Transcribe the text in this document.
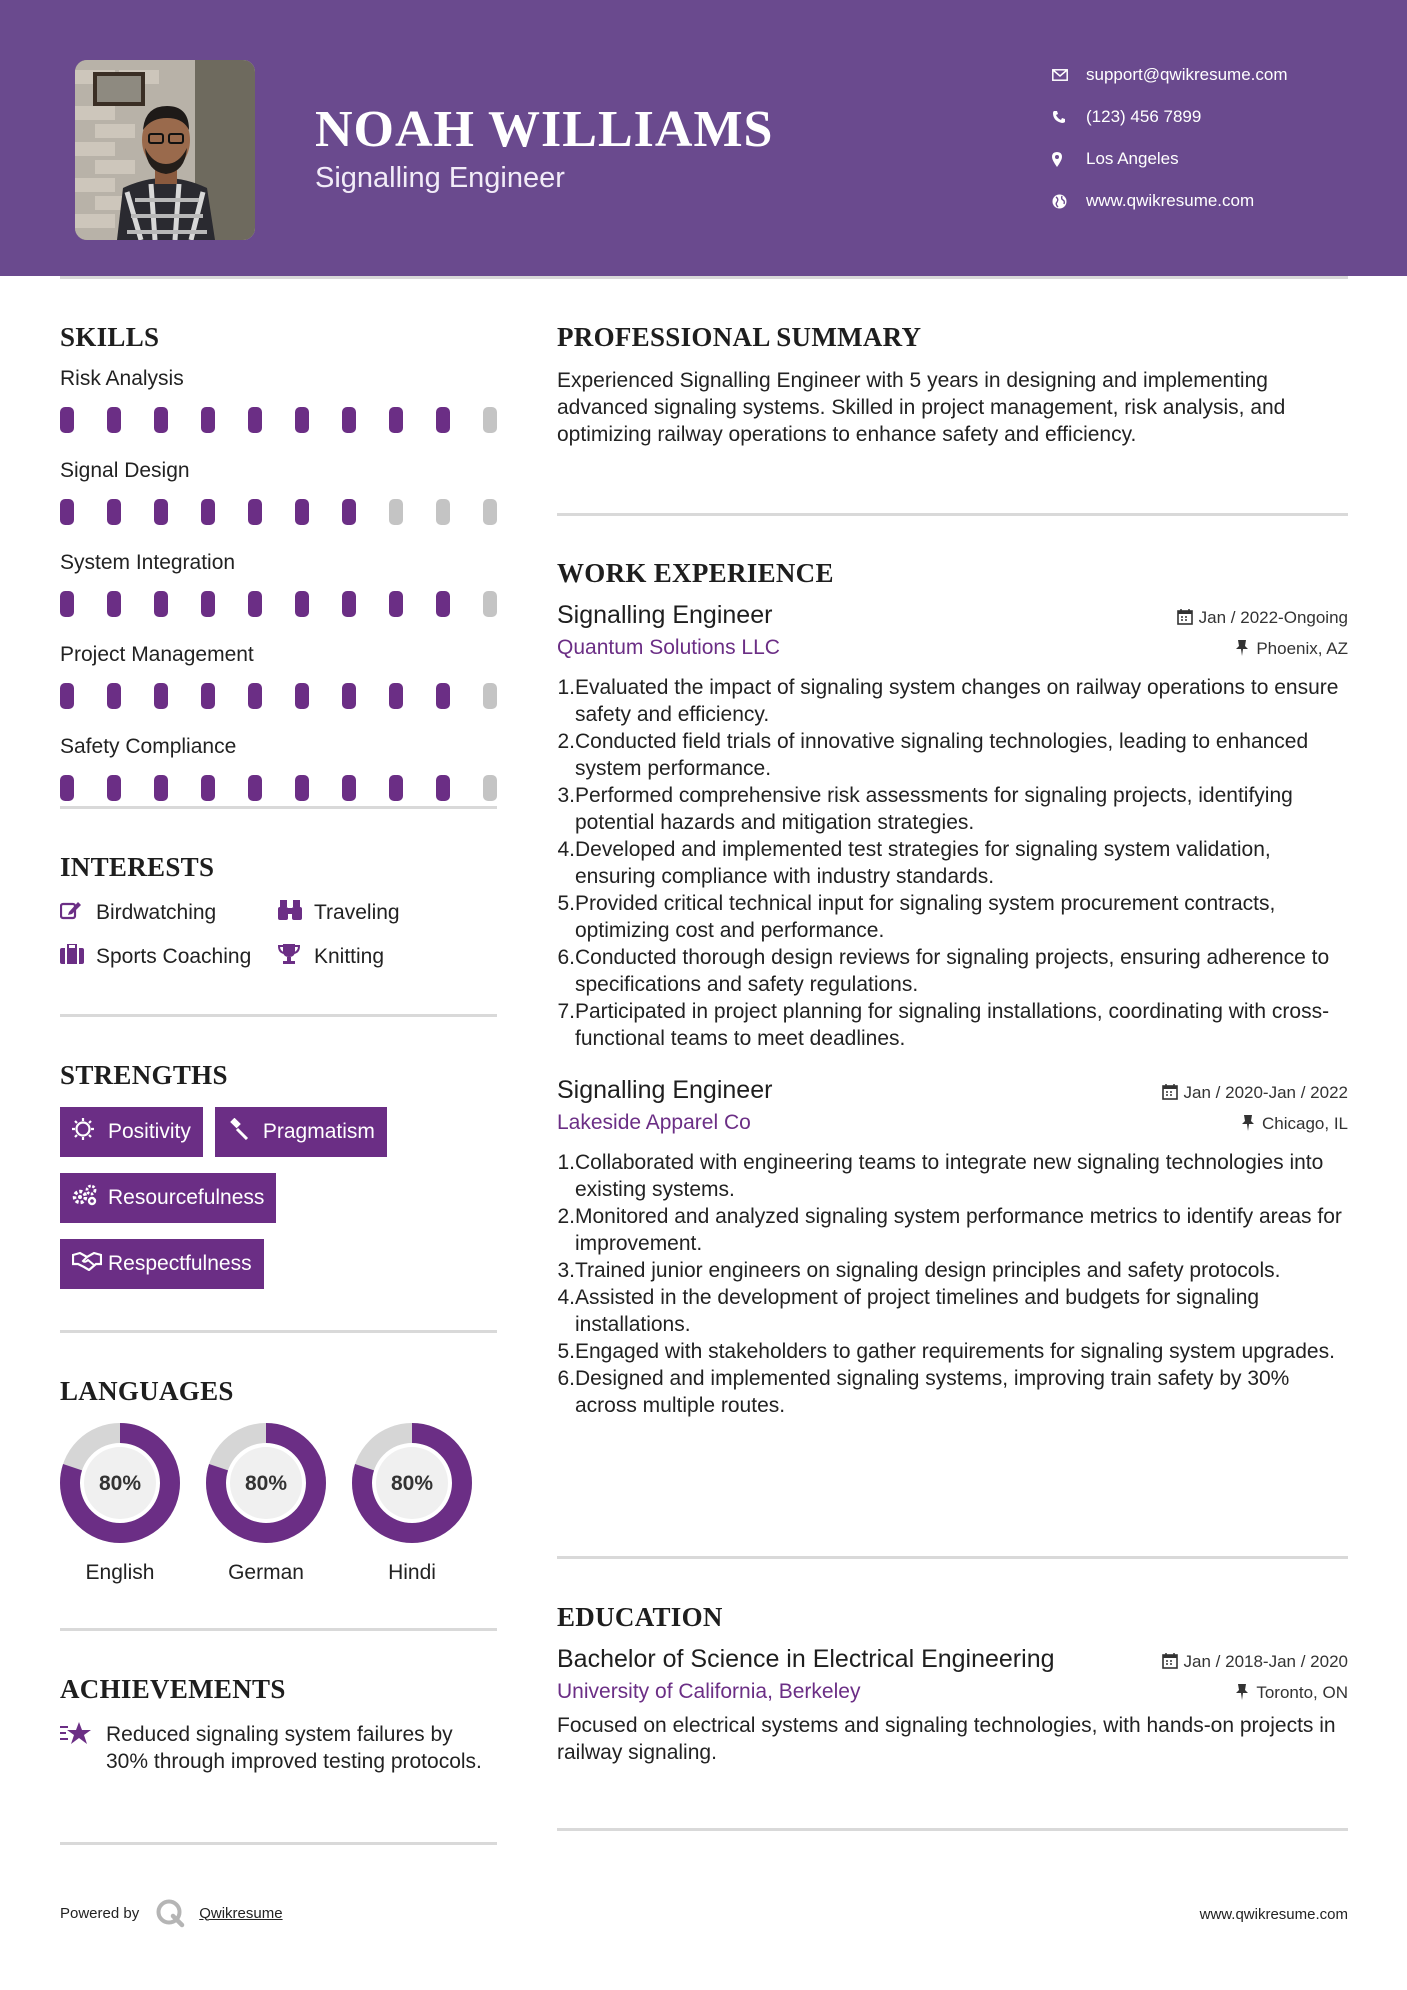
NOAH WILLIAMS
Signalling Engineer
support@qwikresume.com
(123) 456 7899
Los Angeles
www.qwikresume.com
SKILLS
Risk Analysis
Signal Design
System Integration
Project Management
Safety Compliance
INTERESTS
Birdwatching	Traveling
Sports Coaching	Knitting
STRENGTHS
Positivity	Pragmatism

Resourcefulness

Respectfulness
LANGUAGES
80%
English
80%
German
80%
Hindi
ACHIEVEMENTS
Reduced signaling system failures by 30% through improved testing protocols.
PROFESSIONAL SUMMARY
Experienced Signalling Engineer with 5 years in designing and implementing advanced signaling systems. Skilled in project management, risk analysis, and optimizing railway operations to enhance safety and efficiency.
WORK EXPERIENCE
Signalling Engineer	Jan / 2022-Ongoing
Quantum Solutions LLC	Phoenix, AZ
1. Evaluated the impact of signaling system changes on railway operations to ensure safety and efficiency.
2. Conducted field trials of innovative signaling technologies, leading to enhanced system performance.
3. Performed comprehensive risk assessments for signaling projects, identifying potential hazards and mitigation strategies.
4. Developed and implemented test strategies for signaling system validation, ensuring compliance with industry standards.
5. Provided critical technical input for signaling system procurement contracts, optimizing cost and performance.
6. Conducted thorough design reviews for signaling projects, ensuring adherence to specifications and safety regulations.
7. Participated in project planning for signaling installations, coordinating with cross-functional teams to meet deadlines.
Signalling Engineer	Jan / 2020-Jan / 2022
Lakeside Apparel Co	Chicago, IL
1. Collaborated with engineering teams to integrate new signaling technologies into existing systems.
2. Monitored and analyzed signaling system performance metrics to identify areas for improvement.
3. Trained junior engineers on signaling design principles and safety protocols.
4. Assisted in the development of project timelines and budgets for signaling installations.
5. Engaged with stakeholders to gather requirements for signaling system upgrades.
6. Designed and implemented signaling systems, improving train safety by 30% across multiple routes.
EDUCATION
Bachelor of Science in Electrical Engineering	Jan / 2018-Jan / 2020
University of California, Berkeley	Toronto, ON
Focused on electrical systems and signaling technologies, with hands-on projects in railway signaling.
Powered by	Qwikresume	www.qwikresume.com
